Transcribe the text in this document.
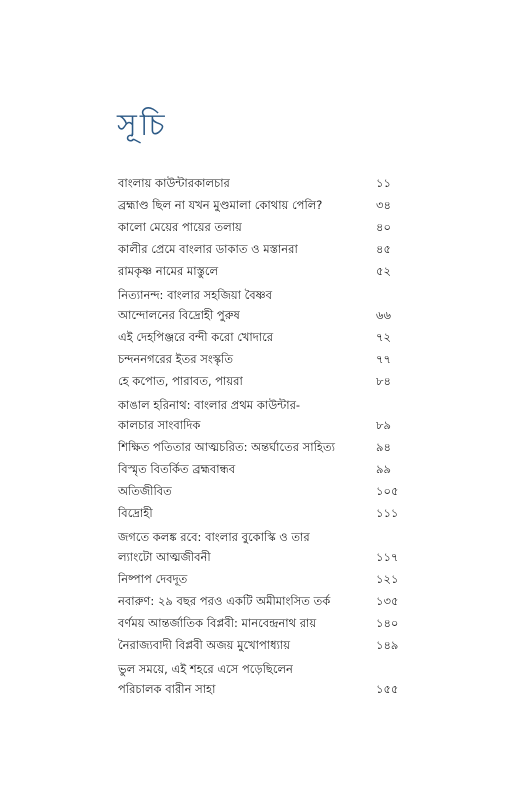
সূচি
বাংলায় কাউন্টারকালচার	১১
ব্রহ্মাণ্ড ছিল না যখন মুণ্ডমালা কোথায় পেলি?	৩৪
কালো মেয়ের পায়ের তলায়	৪০
কালীর প্রেমে বাংলার ডাকাত ও মস্তানরা	৪৫
রামকৃষ্ণ নামের মাস্তুলে	৫২
নিত্যানন্দ: বাংলার সহজিয়া বৈষ্ণব
আন্দোলনের বিদ্রোহী পুরুষ	৬৬
এই দেহপিঞ্জরে বন্দী করো খোদারে	৭২
চন্দননগরের ইতর সংস্কৃতি	৭৭
হে কপোত, পারাবত, পায়রা	৮৪
কাঙাল হরিনাথ: বাংলার প্রথম কাউন্টার-
কালচার সাংবাদিক	৮৯
শিক্ষিত পতিতার আত্মচরিত: অন্তর্ঘাতের সাহিত্য	৯৪
বিস্মৃত বিতর্কিত ব্রহ্মবান্ধব	৯৯
অতিজীবিত	১০৫
বিদ্রোহী	১১১
জগতে কলঙ্ক রবে: বাংলার বুকোস্কি ও তার
ল্যাংটো আত্মজীবনী	১১৭
নিষ্পাপ দেবদূত	১২১
নবারুণ: ২৯ বছর পরও একটি অমীমাংসিত তর্ক	১৩৫
বর্ণময় আন্তর্জাতিক বিপ্লবী: মানবেন্দ্রনাথ রায়	১৪০
নৈরাজ্যবাদী বিপ্লবী অজয় মুখোপাধ্যায়	১৪৯
ভুল সময়ে, এই শহরে এসে পড়েছিলেন
পরিচালক বারীন সাহা	১৫৫
